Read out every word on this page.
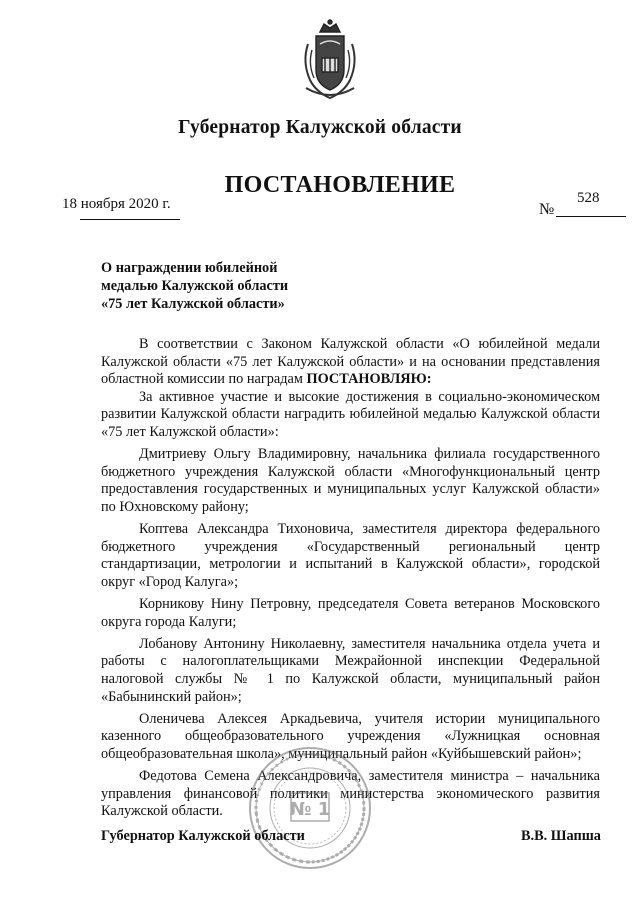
Губернатор Калужской области
ПОСТАНОВЛЕНИЕ
18 ноября 2020 г.	№
528
О награждении юбилейной
медалью Калужской области
«75 лет Калужской области»

В соответствии с Законом Калужской области «О юбилейной медали Калужской области «75 лет Калужской области» и на основании представления областной комиссии по наградам ПОСТАНОВЛЯЮ:

За активное участие и высокие достижения в социально-экономическом развитии Калужской области наградить юбилейной медалью Калужской области «75 лет Калужской области»:

Дмитриеву Ольгу Владимировну, начальника филиала государственного бюджетного учреждения Калужской области «Многофункциональный центр предоставления государственных и муниципальных услуг Калужской области» по Юхновскому району;

Коптева Александра Тихоновича, заместителя директора федерального бюджетного учреждения «Государственный региональный центр стандартизации, метрологии и испытаний в Калужской области», городской округ «Город Калуга»;

Корникову Нину Петровну, председателя Совета ветеранов Московского округа города Калуги;

Лобанову Антонину Николаевну, заместителя начальника отдела учета и работы с налогоплательщиками Межрайонной инспекции Федеральной налоговой службы № 1 по Калужской области, муниципальный район «Бабынинский район»;

Оленичева Алексея Аркадьевича, учителя истории муниципального казенного общеобразовательного учреждения «Лужницкая основная общеобразовательная школа», муниципальный район «Куйбышевский район»;

Федотова Семена Александровича, заместителя министра – начальника управления финансовой политики министерства экономического развития Калужской области.	№ 1
Губернатор Калужской области	В.В. Шапша
